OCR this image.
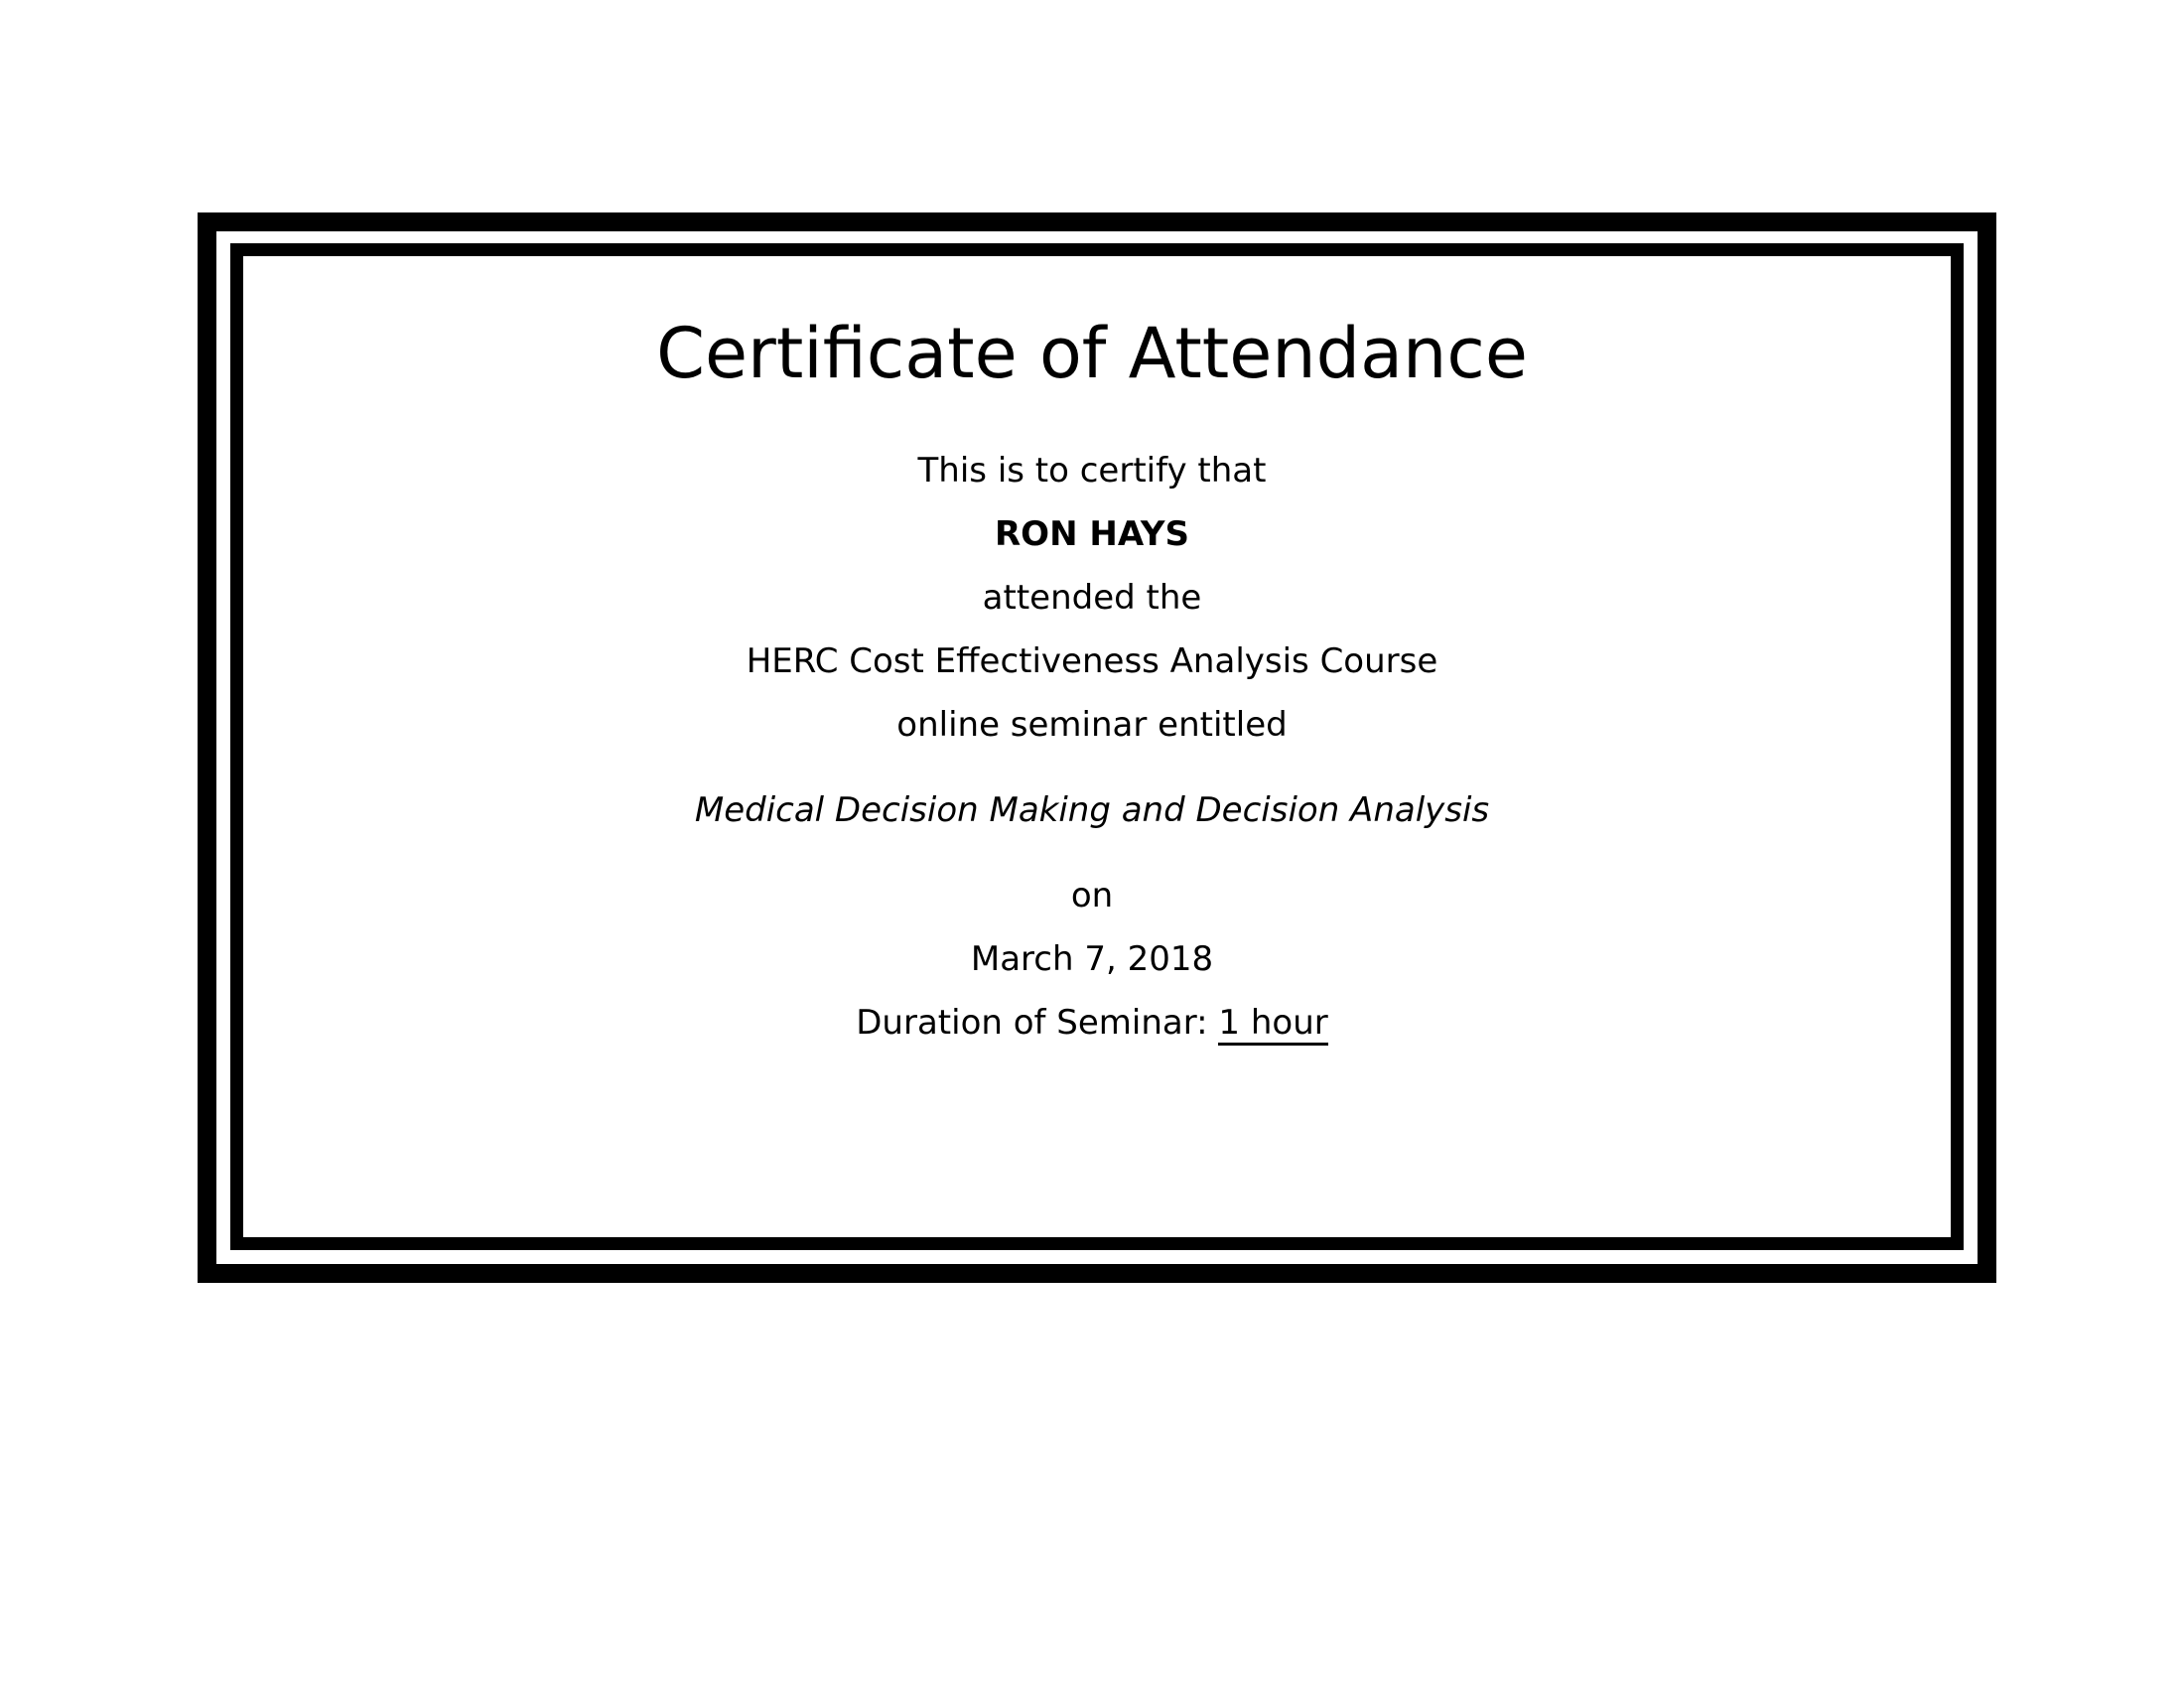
Certificate of Attendance
This is to certify that
RON HAYS
attended the
HERC Cost Effectiveness Analysis Course
online seminar entitled
Medical Decision Making and Decision Analysis
on
March 7, 2018
Duration of Seminar: 1 hour
